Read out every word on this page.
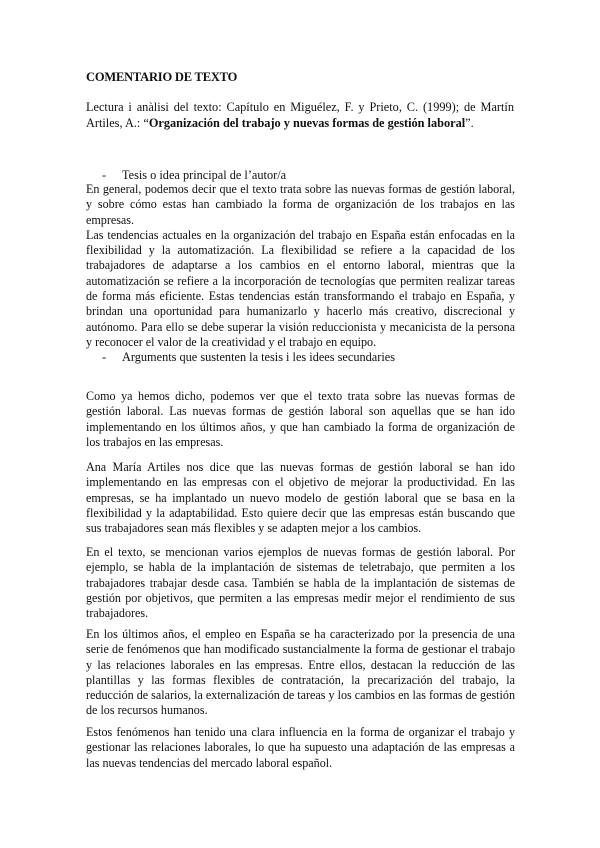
COMENTARIO DE TEXTO
Lectura i anàlisi del texto: Capítulo en Miguélez, F. y Prieto, C. (1999); de Martín Artiles, A.: “Organización del trabajo y nuevas formas de gestión laboral”.
- Tesis o idea principal de l’autor/a

En general, podemos decir que el texto trata sobre las nuevas formas de gestión laboral, y sobre cómo estas han cambiado la forma de organización de los trabajos en las empresas.

Las tendencias actuales en la organización del trabajo en España están enfocadas en la flexibilidad y la automatización. La flexibilidad se refiere a la capacidad de los trabajadores de adaptarse a los cambios en el entorno laboral, mientras que la automatización se refiere a la incorporación de tecnologías que permiten realizar tareas de forma más eficiente. Estas tendencias están transformando el trabajo en España, y brindan una oportunidad para humanizarlo y hacerlo más creativo, discrecional y autónomo. Para ello se debe superar la visión reduccionista y mecanicista de la persona y reconocer el valor de la creatividad y el trabajo en equipo.

- Arguments que sustenten la tesis i les idees secundaries

Como ya hemos dicho, podemos ver que el texto trata sobre las nuevas formas de gestión laboral. Las nuevas formas de gestión laboral son aquellas que se han ido implementando en los últimos años, y que han cambiado la forma de organización de los trabajos en las empresas.

Ana María Artiles nos dice que las nuevas formas de gestión laboral se han ido implementando en las empresas con el objetivo de mejorar la productividad. En las empresas, se ha implantado un nuevo modelo de gestión laboral que se basa en la flexibilidad y la adaptabilidad. Esto quiere decir que las empresas están buscando que sus trabajadores sean más flexibles y se adapten mejor a los cambios.

En el texto, se mencionan varios ejemplos de nuevas formas de gestión laboral. Por ejemplo, se habla de la implantación de sistemas de teletrabajo, que permiten a los trabajadores trabajar desde casa. También se habla de la implantación de sistemas de gestión por objetivos, que permiten a las empresas medir mejor el rendimiento de sus trabajadores.

En los últimos años, el empleo en España se ha caracterizado por la presencia de una serie de fenómenos que han modificado sustancialmente la forma de gestionar el trabajo y las relaciones laborales en las empresas. Entre ellos, destacan la reducción de las plantillas y las formas flexibles de contratación, la precarización del trabajo, la reducción de salarios, la externalización de tareas y los cambios en las formas de gestión de los recursos humanos.

Estos fenómenos han tenido una clara influencia en la forma de organizar el trabajo y gestionar las relaciones laborales, lo que ha supuesto una adaptación de las empresas a las nuevas tendencias del mercado laboral español.
